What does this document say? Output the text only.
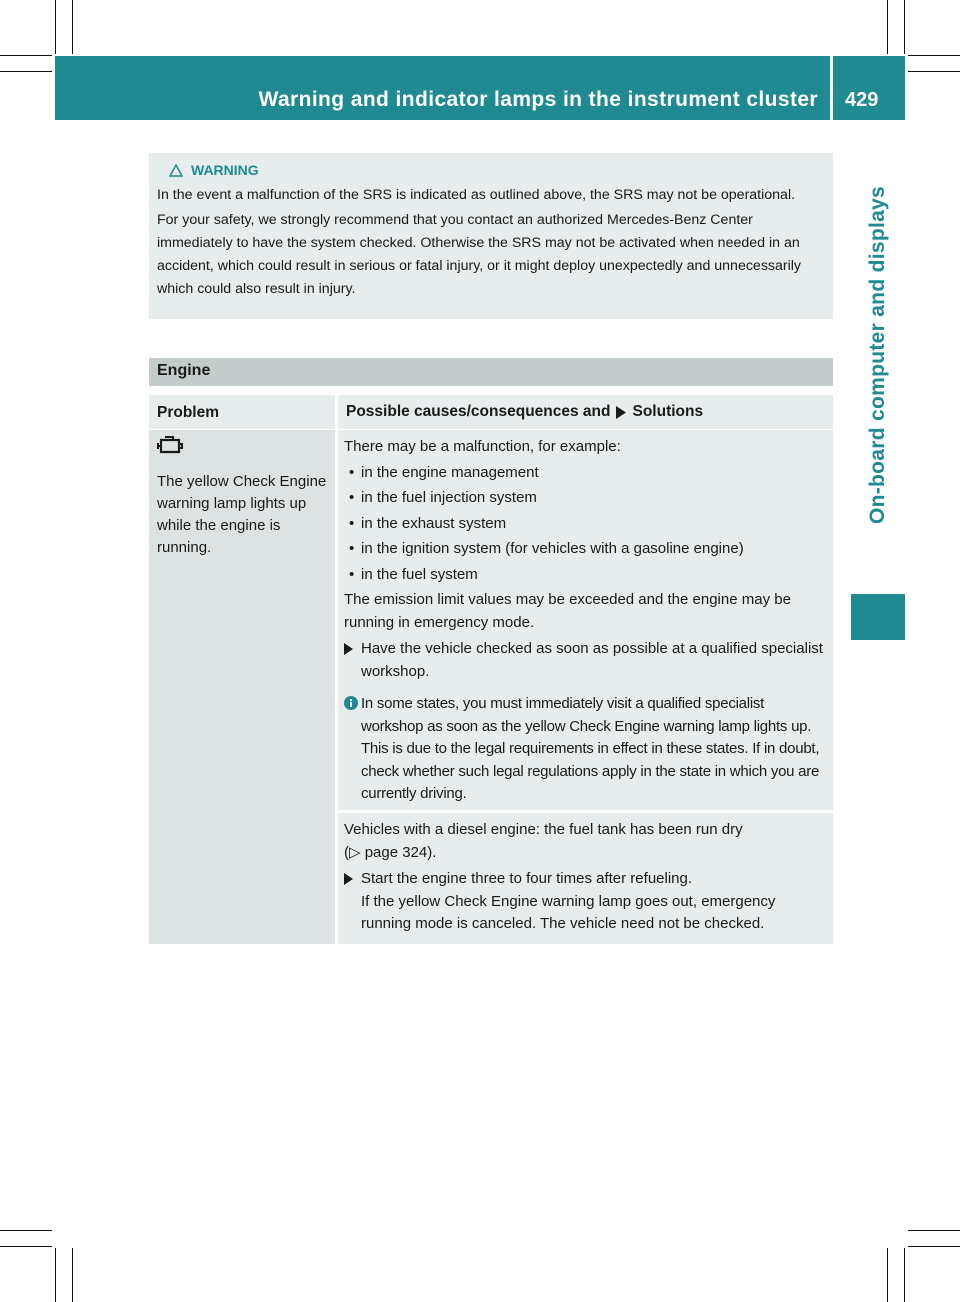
Warning and indicator lamps in the instrument cluster 429
On-board computer and displays
WARNING

In the event a malfunction of the SRS is indicated as outlined above, the SRS may not be operational.

For your safety, we strongly recommend that you contact an authorized Mercedes-Benz Center immediately to have the system checked. Otherwise the SRS may not be activated when needed in an accident, which could result in serious or fatal injury, or it might deploy unexpectedly and unnecessarily which could also result in injury.

Engine
Problem	Possible causes/consequences and Solutions

The yellow Check Engine warning lamp lights up while the engine is running.

There may be a malfunction, for example:

• in the engine management
• in the fuel injection system
• in the exhaust system
• in the ignition system (for vehicles with a gasoline engine)
• in the fuel system

The emission limit values may be exceeded and the engine may be running in emergency mode.

Have the vehicle checked as soon as possible at a qualified specialist workshop.
In some states, you must immediately visit a qualified specialist workshop as soon as the yellow Check Engine warning lamp lights up. This is due to the legal requirements in effect in these states. If in doubt, check whether such legal regulations apply in the state in which you are currently driving.

Vehicles with a diesel engine: the fuel tank has been run dry

(▷ page 324).

Start the engine three to four times after refueling.

If the yellow Check Engine warning lamp goes out, emergency running mode is canceled. The vehicle need not be checked.
